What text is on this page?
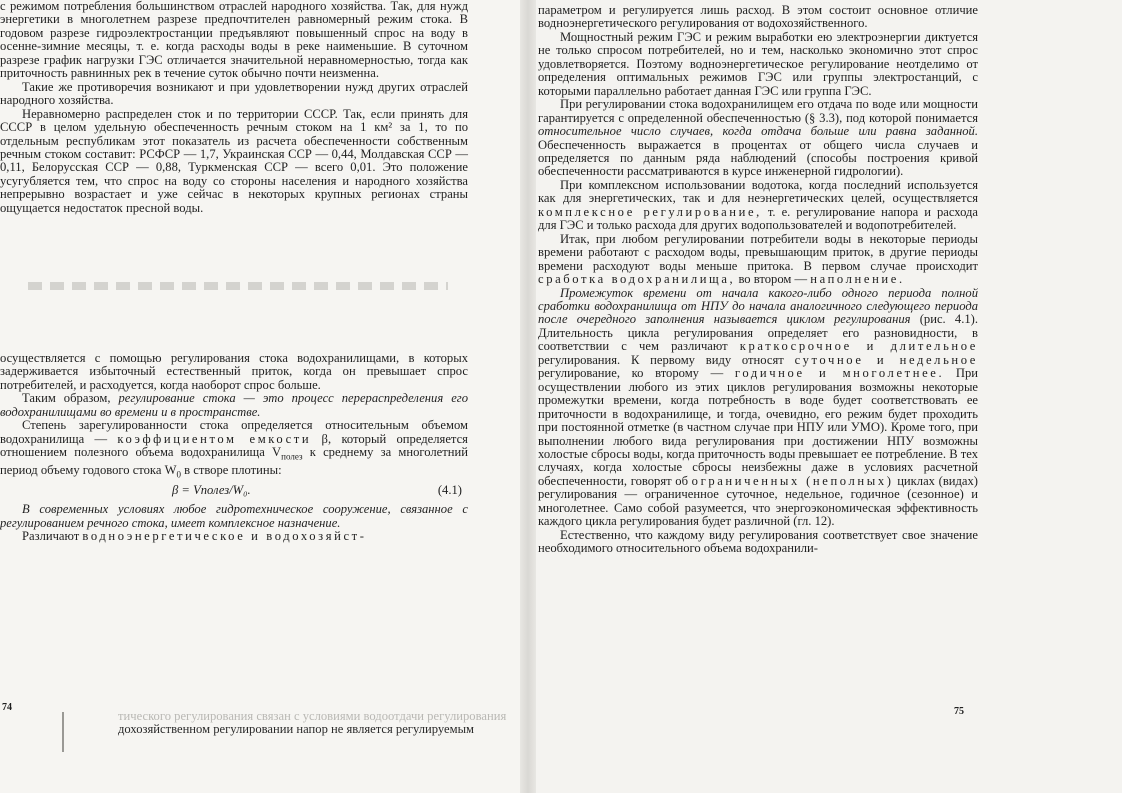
с режимом потребления большинством отраслей народного хозяйства. Так, для нужд энергетики в многолетнем разрезе предпочтителен равномерный режим стока. В годовом разрезе гидроэлектростанции предъявляют повышенный спрос на воду в осенне-зимние месяцы, т. е. когда расходы воды в реке наименьшие. В суточном разрезе график нагрузки ГЭС отличается значительной неравномерностью, тогда как приточность равнинных рек в течение суток обычно почти неизменна.

Такие же противоречия возникают и при удовлетворении нужд других отраслей народного хозяйства.

Неравномерно распределен сток и по территории СССР. Так, если принять для СССР в целом удельную обеспеченность речным стоком на 1 км² за 1, то по отдельным республикам этот показатель из расчета обеспеченности собственным речным стоком составит: РСФСР — 1,7, Украинская ССР — 0,44, Молдавская ССР — 0,11, Белорусская ССР — 0,88, Туркменская ССР — всего 0,01. Это положение усугубляется тем, что спрос на воду со стороны населения и народного хозяйства непрерывно возрастает и уже сейчас в некоторых крупных регионах страны ощущается недостаток пресной воды.

осуществляется с помощью регулирования стока водохранилищами, в которых задерживается избыточный естественный приток, когда он превышает спрос потребителей, и расходуется, когда наоборот спрос больше.

Таким образом, регулирование стока — это процесс перераспределения его водохранилищами во времени и в пространстве.

Степень зарегулированности стока определяется относительным объемом водохранилища — коэффициентом емкости β, который определяется отношением полезного объема водохранилища $V_{полез}$ к среднему за многолетний период объему годового стока $W_0$ в створе плотины:

β = Vполез/W₀.	(4.1)

В современных условиях любое гидротехническое сооружение, связанное с регулированием речного стока, имеет комплексное назначение.

Различают водноэнергетическое и водохозяйст-

74

параметром и регулируется лишь расход. В этом состоит основное отличие водноэнергетического регулирования от водохозяйственного.

Мощностный режим ГЭС и режим выработки ею электроэнергии диктуется не только спросом потребителей, но и тем, насколько экономично этот спрос удовлетворяется. Поэтому водноэнергетическое регулирование неотделимо от определения оптимальных режимов ГЭС или группы электростанций, с которыми параллельно работает данная ГЭС или группа ГЭС.

При регулировании стока водохранилищем его отдача по воде или мощности гарантируется с определенной обеспеченностью (§ 3.3), под которой понимается относительное число случаев, когда отдача больше или равна заданной. Обеспеченность выражается в процентах от общего числа случаев и определяется по данным ряда наблюдений (способы построения кривой обеспеченности рассматриваются в курсе инженерной гидрологии).

При комплексном использовании водотока, когда последний используется как для энергетических, так и для неэнергетических целей, осуществляется комплексное регулирование, т. е. регулирование напора и расхода для ГЭС и только расхода для других водопользователей и водопотребителей.

Итак, при любом регулировании потребители воды в некоторые периоды времени работают с расходом воды, превышающим приток, в другие периоды времени расходуют воды меньше притока. В первом случае происходит сработка водохранилища, во втором — наполнение.

Промежуток времени от начала какого-либо одного периода полной сработки водохранилища от НПУ до начала аналогичного следующего периода после очередного заполнения называется циклом регулирования (рис. 4.1). Длительность цикла регулирования определяет его разновидности, в соответствии с чем различают краткосрочное и длительное регулирования. К первому виду относят суточное и недельное регулирование, ко второму — годичное и многолетнее. При осуществлении любого из этих циклов регулирования возможны некоторые промежутки времени, когда потребность в воде будет соответствовать ее приточности в водохранилище, и тогда, очевидно, его режим будет проходить при постоянной отметке (в частном случае при НПУ или УМО). Кроме того, при выполнении любого вида регулирования при достижении НПУ возможны холостые сбросы воды, когда приточность воды превышает ее потребление. В тех случаях, когда холостые сбросы неизбежны даже в условиях расчетной обеспеченности, говорят об ограниченных (неполных) циклах (видах) регулирования — ограниченное суточное, недельное, годичное (сезонное) и многолетнее. Само собой разумеется, что энергоэкономическая эффективность каждого цикла регулирования будет различной (гл. 12).

Естественно, что каждому виду регулирования соответствует свое значение необходимого относительного объема водохранили-

75
тического регулирования связан с условиями водоотдачи регулирования
дохозяйственном регулировании напор не является регулируемым
